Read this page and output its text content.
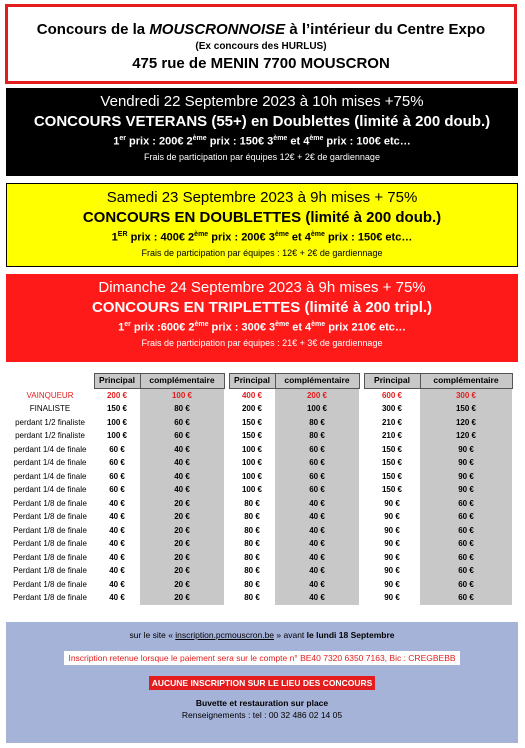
Concours de la MOUSCRONNOISE à l’intérieur du Centre Expo
(Ex concours des HURLUS)
475 rue de MENIN 7700 MOUSCRON
Vendredi 22 Septembre 2023 à 10h mises +75%
CONCOURS VETERANS (55+) en Doublettes (limité à 200 doub.)
1er prix : 200€ 2ème prix : 150€ 3ème et 4ème prix : 100€ etc…
Frais de participation par équipes 12€ + 2€ de gardiennage
Samedi 23 Septembre 2023 à 9h mises + 75%
CONCOURS EN DOUBLETTES (limité à 200 doub.)
1ER prix : 400€ 2ème prix : 200€ 3ème et 4ème prix : 150€ etc…
Frais de participation par équipes : 12€ + 2€ de gardiennage
Dimanche 24 Septembre 2023 à 9h mises + 75%
CONCOURS EN TRIPLETTES (limité à 200 tripl.)
1er prix :600€ 2ème prix : 300€ 3ème et 4ème prix 210€ etc…
Frais de participation par équipes : 21€ + 3€ de gardiennage
	Principal	complémentaire		Principal	complémentaire		Principal	complémentaire
VAINQUEUR	200 €	100 €		400 €	200 €		600 €	300 €
FINALISTE	150 €	80 €		200 €	100 €		300 €	150 €
perdant 1/2 finaliste	100 €	60 €		150 €	80 €		210 €	120 €
perdant 1/2 finaliste	100 €	60 €		150 €	80 €		210 €	120 €
perdant 1/4 de finale	60 €	40 €		100 €	60 €		150 €	90 €
perdant 1/4 de finale	60 €	40 €		100 €	60 €		150 €	90 €
perdant 1/4 de finale	60 €	40 €		100 €	60 €		150 €	90 €
perdant 1/4 de finale	60 €	40 €		100 €	60 €		150 €	90 €
Perdant 1/8 de finale	40 €	20 €		80 €	40 €		90 €	60 €
Perdant 1/8 de finale	40 €	20 €		80 €	40 €		90 €	60 €
Perdant 1/8 de finale	40 €	20 €		80 €	40 €		90 €	60 €
Perdant 1/8 de finale	40 €	20 €		80 €	40 €		90 €	60 €
Perdant 1/8 de finale	40 €	20 €		80 €	40 €		90 €	60 €
Perdant 1/8 de finale	40 €	20 €		80 €	40 €		90 €	60 €
Perdant 1/8 de finale	40 €	20 €		80 €	40 €		90 €	60 €
Perdant 1/8 de finale	40 €	20 €		80 €	40 €		90 €	60 €
sur le site « inscription.pcmouscron.be » avant le lundi 18 Septembre
Inscription retenue lorsque le paiement sera sur le compte n° BE40 7320 6350 7163, Bic : CREGBEBB
AUCUNE INSCRIPTION SUR LE LIEU DES CONCOURS
Buvette et restauration sur place
Renseignements : tel : 00 32 486 02 14 05
